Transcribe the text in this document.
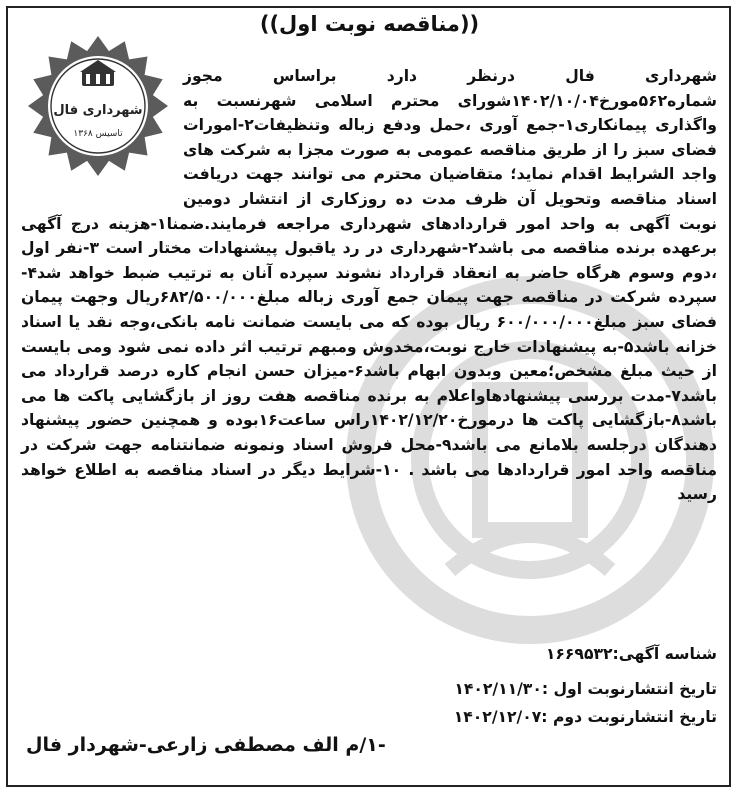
((مناقصه نوبت اول))
شهرداری فال
تاسیس ۱۳۶۸
شهرداری فال درنظر دارد براساس مجوز شماره۵۶۲مورخ۱۴۰۲/۱۰/۰۴شورای محترم اسلامی شهرنسبت به واگذاری پیمانکاری۱-جمع آوری ،حمل ودفع زباله وتنظیفات۲-امورات فضای سبز را از طریق مناقصه عمومی به صورت مجزا به شرکت های واجد الشرایط اقدام نماید؛ متقاضیان محترم می توانند جهت دریافت اسناد مناقصه وتحویل آن ظرف مدت ده روزکاری از انتشار دومین نوبت آگهی به واحد امور قراردادهای شهرداری مراجعه فرمایند.ضمنا۱-هزینه درج آگهی برعهده برنده مناقصه می باشد۲-شهرداری در رد یاقبول پیشنهادات مختار است ۳-نفر اول ،دوم وسوم هرگاه حاضر به انعقاد قرارداد نشوند سپرده آنان به ترتیب ضبط خواهد شد۴-سپرده شرکت در مناقصه جهت پیمان جمع آوری زباله مبلغ۶۸۲/۵۰۰/۰۰۰ریال وجهت پیمان فضای سبز مبلغ۶۰۰/۰۰۰/۰۰۰ ریال بوده که می بایست ضمانت نامه بانکی،وجه نقد یا اسناد خزانه باشد۵-به پیشنهادات خارج نوبت،مخدوش ومبهم ترتیب اثر داده نمی شود ومی بایست از حیث مبلغ مشخص؛معین وبدون ابهام باشد۶-میزان حسن انجام کاره درصد قرارداد می باشد۷-مدت بررسی پیشنهادهاواعلام به برنده مناقصه هفت روز از بازگشایی پاکت ها می باشد۸-بازگشایی پاکت ها درمورخ۱۴۰۲/۱۲/۲۰راس ساعت۱۶بوده و همچنین حضور پیشنهاد دهندگان درجلسه بلامانع می باشد۹-محل فروش اسناد ونمونه ضمانتنامه جهت شرکت در مناقصه واحد امور قراردادها می باشد . ۱۰-شرایط دیگر در اسناد مناقصه به اطلاع خواهد رسید
شناسه آگهی:۱۶۶۹۵۳۲
تاریخ انتشارنوبت اول :۱۴۰۲/۱۱/۳۰
تاریخ انتشارنوبت دوم :۱۴۰۲/۱۲/۰۷
-۱/م الف مصطفی زارعی-شهردار فال
